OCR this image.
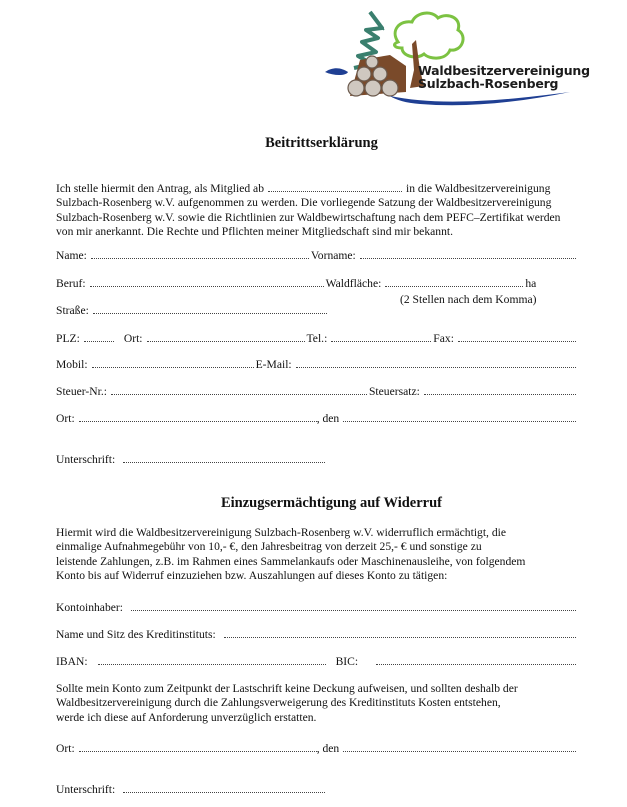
Waldbesitzervereinigung
Sulzbach-Rosenberg
Beitrittserklärung
Ich stelle hiermit den Antrag, als Mitglied ab	in die Waldbesitzervereinigung
Sulzbach-Rosenberg w.V. aufgenommen zu werden. Die vorliegende Satzung der Waldbesitzervereinigung
Sulzbach-Rosenberg w.V. sowie die Richtlinien zur Waldbewirtschaftung nach dem PEFC–Zertifikat werden
von mir anerkannt. Die Rechte und Pflichten meiner Mitgliedschaft sind mir bekannt.
Name:	Vorname:
Beruf:	Waldfläche:	ha
(2 Stellen nach dem Komma)
Straße:
PLZ:	Ort:	Tel.:	Fax:
Mobil:	E-Mail:
Steuer-Nr.:	Steuersatz:
Ort:	, den
Unterschrift:
Einzugsermächtigung auf Widerruf
Hiermit wird die Waldbesitzervereinigung Sulzbach-Rosenberg w.V. widerruflich ermächtigt, die
einmalige Aufnahmegebühr von 10,- €, den Jahresbeitrag von derzeit 25,- € und sonstige zu
leistende Zahlungen, z.B. im Rahmen eines Sammelankaufs oder Maschinenausleihe, von folgendem
Konto bis auf Widerruf einzuziehen bzw. Auszahlungen auf dieses Konto zu tätigen:
Kontoinhaber:
Name und Sitz des Kreditinstituts:
IBAN:	BIC:
Sollte mein Konto zum Zeitpunkt der Lastschrift keine Deckung aufweisen, und sollten deshalb der
Waldbesitzervereinigung durch die Zahlungsverweigerung des Kreditinstituts Kosten entstehen,
werde ich diese auf Anforderung unverzüglich erstatten.
Ort:	, den
Unterschrift:
